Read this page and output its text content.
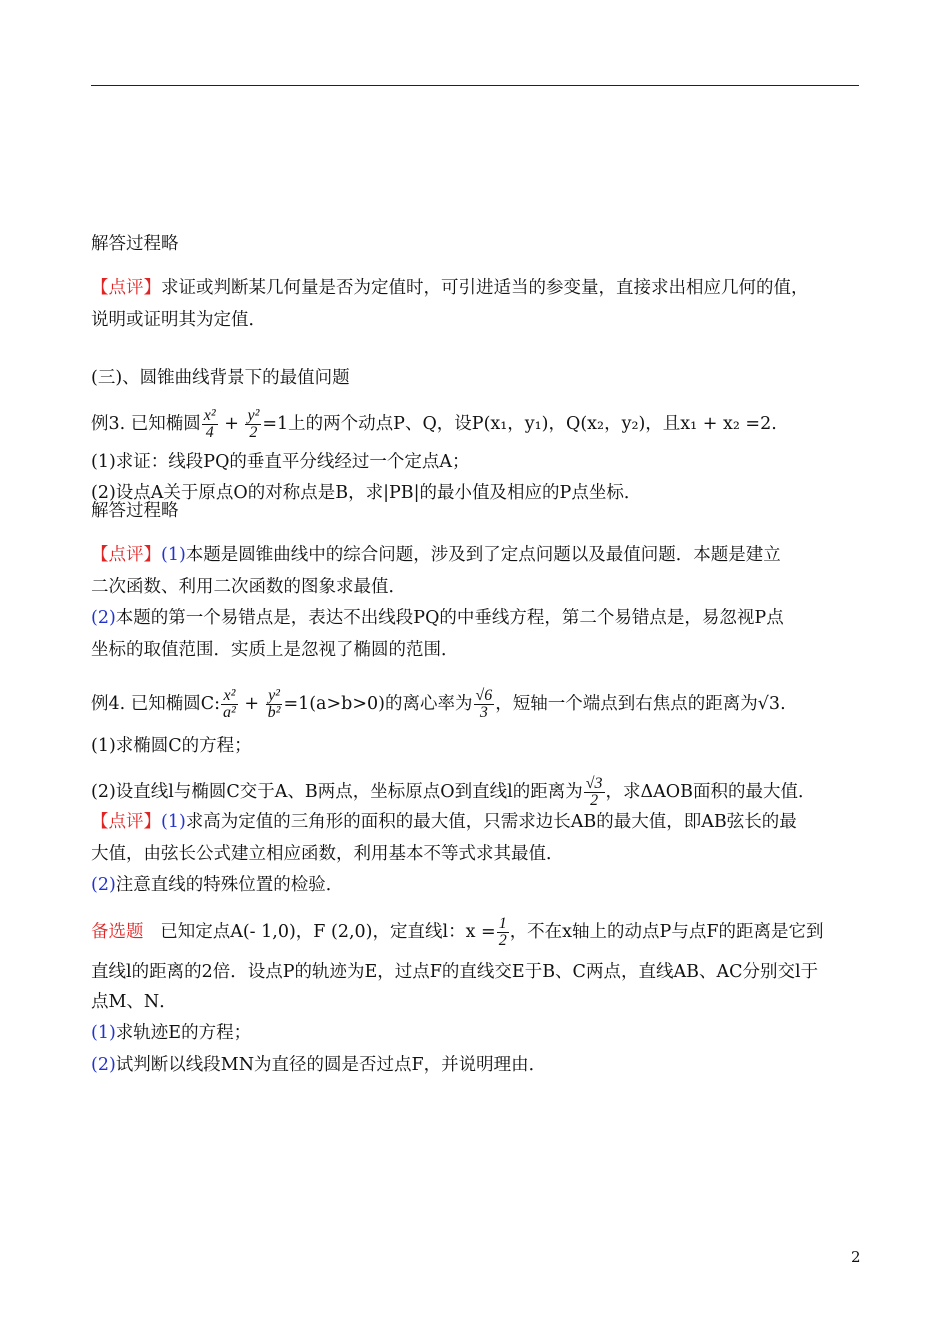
解答过程略
【点评】求证或判断某几何量是否为定值时，可引进适当的参变量，直接求出相应几何的值，
说明或证明其为定值．
(三)、圆锥曲线背景下的最值问题
例3. 已知椭圆 $\frac{\text{x²}}{4} + \frac{\text{y²}}{2} =1$上的两个动点P、Q，设P(x₁，y₁)，Q(x₂，y₂)，且x₁ + x₂ =2.
(1)求证：线段PQ的垂直平分线经过一个定点A；
(2)设点A关于原点O的对称点是B，求|PB|的最小值及相应的P点坐标．
解答过程略
【点评】(1)本题是圆锥曲线中的综合问题，涉及到了定点问题以及最值问题．本题是建立
二次函数、利用二次函数的图象求最值．
(2)本题的第一个易错点是，表达不出线段PQ的中垂线方程，第二个易错点是，易忽视P点
坐标的取值范围．实质上是忽视了椭圆的范围．
例4. 已知椭圆C: $\frac{\text{x²}}{\text{a²}} + \frac{\text{y²}}{\text{b²}} =1(a>b>0)$的离心率为 $\frac{√6}{3}$ ，短轴一个端点到右焦点的距离为√3.
(1)求椭圆C的方程；
(2)设直线l与椭圆C交于A、B两点，坐标原点O到直线l的距离为 $\frac{√3}{2}$ ，求ΔAOB面积的最大值．
【点评】(1)求高为定值的三角形的面积的最大值，只需求边长AB的最大值，即AB弦长的最
大值，由弦长公式建立相应函数，利用基本不等式求其最值．
(2)注意直线的特殊位置的检验．
备选题 已知定点A(- 1,0)，F (2,0)，定直线l：$x = \frac{1}{2}$ ，不在x轴上的动点P与点F的距离是它到
直线l的距离的2倍．设点P的轨迹为E，过点F的直线交E于B、C两点，直线AB、AC分别交l于
点M、N．
(1)求轨迹E的方程；
(2)试判断以线段MN为直径的圆是否过点F，并说明理由．
2
